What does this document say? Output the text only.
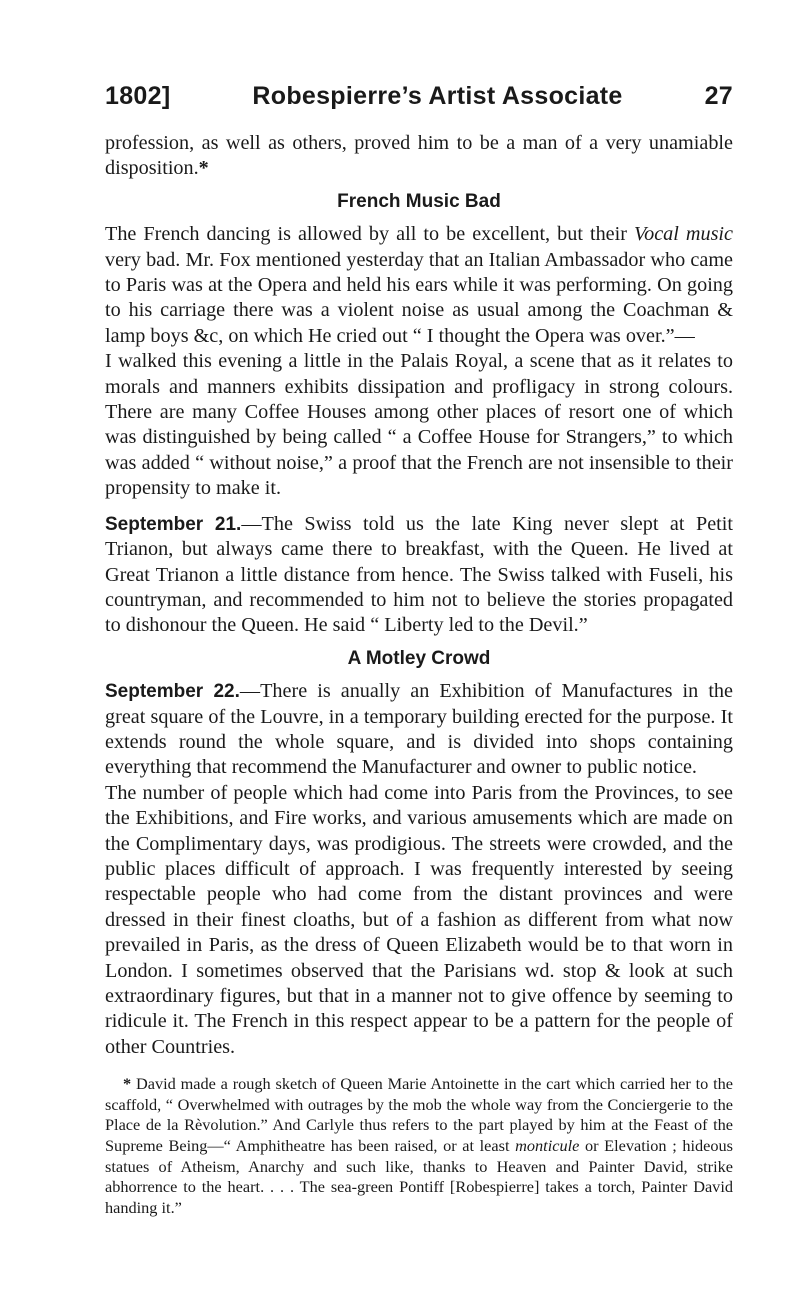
1802]	Robespierre’s Artist Associate	27

profession, as well as others, proved him to be a man of a very unamiable disposition.*

French Music Bad

The French dancing is allowed by all to be excellent, but their Vocal music very bad. Mr. Fox mentioned yesterday that an Italian Ambassador who came to Paris was at the Opera and held his ears while it was performing. On going to his carriage there was a violent noise as usual among the Coachman & lamp boys &c, on which He cried out “ I thought the Opera was over.”—

I walked this evening a little in the Palais Royal, a scene that as it relates to morals and manners exhibits dissipation and profligacy in strong colours. There are many Coffee Houses among other places of resort one of which was distinguished by being called “ a Coffee House for Strangers,” to which was added “ without noise,” a proof that the French are not insensible to their propensity to make it.

September 21.—The Swiss told us the late King never slept at Petit Trianon, but always came there to breakfast, with the Queen. He lived at Great Trianon a little distance from hence. The Swiss talked with Fuseli, his countryman, and recommended to him not to believe the stories propagated to dishonour the Queen. He said “ Liberty led to the Devil.”

A Motley Crowd

September 22.—There is anually an Exhibition of Manufactures in the great square of the Louvre, in a temporary building erected for the purpose. It extends round the whole square, and is divided into shops containing everything that recommend the Manufacturer and owner to public notice.

The number of people which had come into Paris from the Provinces, to see the Exhibitions, and Fire works, and various amusements which are made on the Complimentary days, was prodigious. The streets were crowded, and the public places difficult of approach. I was frequently interested by seeing respectable people who had come from the distant provinces and were dressed in their finest cloaths, but of a fashion as different from what now prevailed in Paris, as the dress of Queen Elizabeth would be to that worn in London. I sometimes observed that the Parisians wd. stop & look at such extraordinary figures, but that in a manner not to give offence by seeming to ridicule it. The French in this respect appear to be a pattern for the people of other Countries.

* David made a rough sketch of Queen Marie Antoinette in the cart which carried her to the scaffold, “ Overwhelmed with outrages by the mob the whole way from the Conciergerie to the Place de la Rèvolution.” And Carlyle thus refers to the part played by him at the Feast of the Supreme Being—“ Amphitheatre has been raised, or at least monticule or Elevation ; hideous statues of Atheism, Anarchy and such like, thanks to Heaven and Painter David, strike abhorrence to the heart. . . . The sea-green Pontiff [Robespierre] takes a torch, Painter David handing it.”
